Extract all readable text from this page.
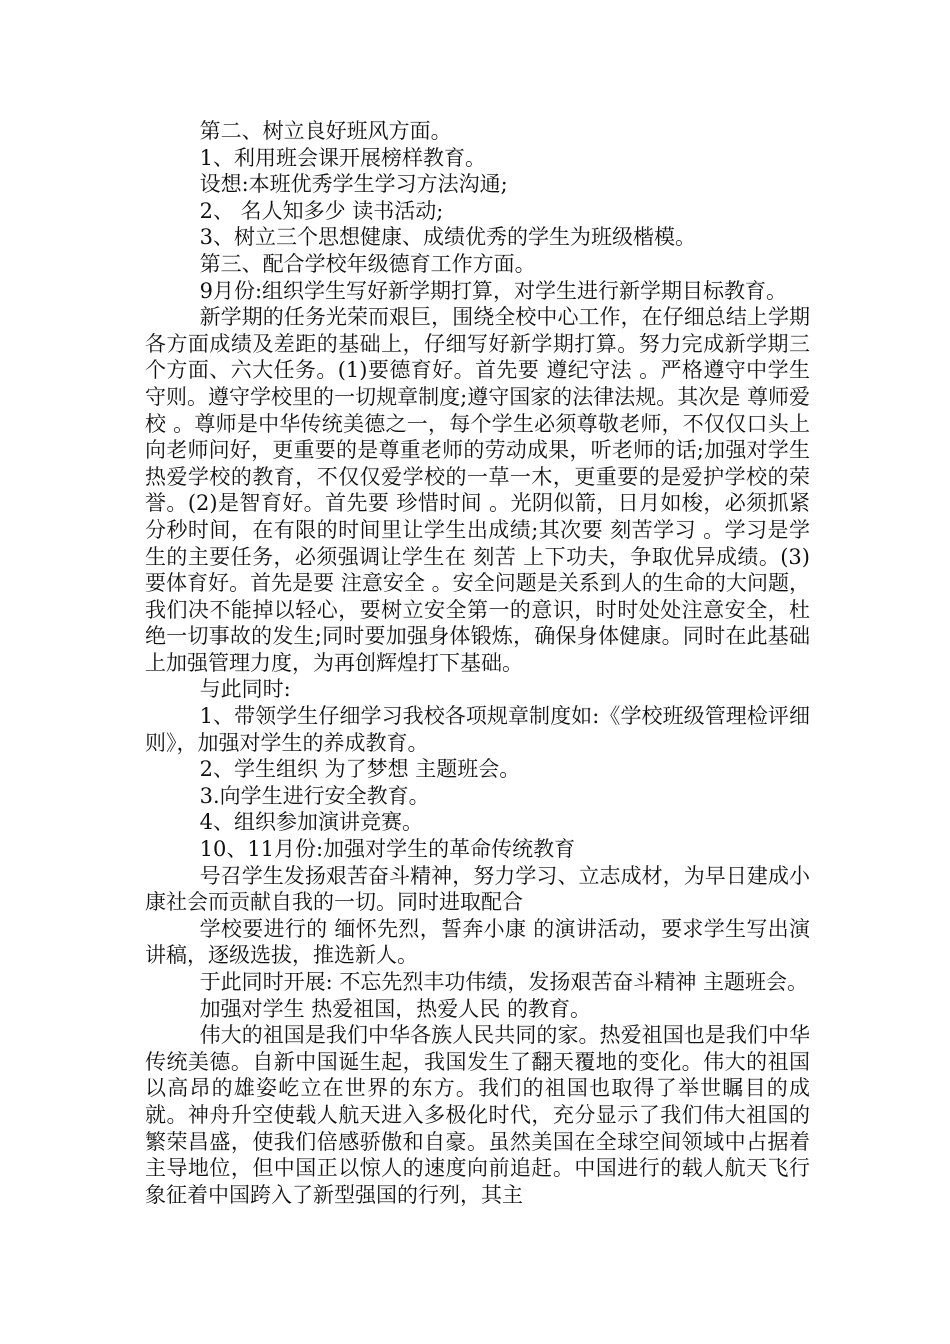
第二、树立良好班风方面。

1、利用班会课开展榜样教育。

设想:本班优秀学生学习方法沟通;

2、 名人知多少 读书活动;

3、树立三个思想健康、成绩优秀的学生为班级楷模。

第三、配合学校年级德育工作方面。

9月份:组织学生写好新学期打算，对学生进行新学期目标教育。

新学期的任务光荣而艰巨，围绕全校中心工作，在仔细总结上学期各方面成绩及差距的基础上，仔细写好新学期打算。努力完成新学期三个方面、六大任务。(1)要德育好。首先要 遵纪守法 。严格遵守中学生守则。遵守学校里的一切规章制度;遵守国家的法律法规。其次是 尊师爱校 。尊师是中华传统美德之一，每个学生必须尊敬老师，不仅仅口头上向老师问好，更重要的是尊重老师的劳动成果，听老师的话;加强对学生热爱学校的教育，不仅仅爱学校的一草一木，更重要的是爱护学校的荣誉。(2)是智育好。首先要 珍惜时间 。光阴似箭，日月如梭，必须抓紧分秒时间，在有限的时间里让学生出成绩;其次要 刻苦学习 。学习是学生的主要任务，必须强调让学生在 刻苦 上下功夫，争取优异成绩。(3)要体育好。首先是要 注意安全 。安全问题是关系到人的生命的大问题，我们决不能掉以轻心，要树立安全第一的意识，时时处处注意安全，杜绝一切事故的发生;同时要加强身体锻炼，确保身体健康。同时在此基础上加强管理力度，为再创辉煌打下基础。

与此同时:

1、带领学生仔细学习我校各项规章制度如:《学校班级管理检评细则》，加强对学生的养成教育。

2、学生组织 为了梦想 主题班会。

3.向学生进行安全教育。

4、组织参加演讲竞赛。

10、11月份:加强对学生的革命传统教育

号召学生发扬艰苦奋斗精神，努力学习、立志成材，为早日建成小康社会而贡献自我的一切。同时进取配合

学校要进行的 缅怀先烈，誓奔小康 的演讲活动，要求学生写出演讲稿，逐级选拔，推选新人。

于此同时开展: 不忘先烈丰功伟绩，发扬艰苦奋斗精神 主题班会。

加强对学生 热爱祖国，热爱人民 的教育。

伟大的祖国是我们中华各族人民共同的家。热爱祖国也是我们中华传统美德。自新中国诞生起，我国发生了翻天覆地的变化。伟大的祖国以高昂的雄姿屹立在世界的东方。我们的祖国也取得了举世瞩目的成就。神舟升空使载人航天进入多极化时代，充分显示了我们伟大祖国的繁荣昌盛，使我们倍感骄傲和自豪。虽然美国在全球空间领域中占据着主导地位，但中国正以惊人的速度向前追赶。中国进行的载人航天飞行象征着中国跨入了新型强国的行列，其主
